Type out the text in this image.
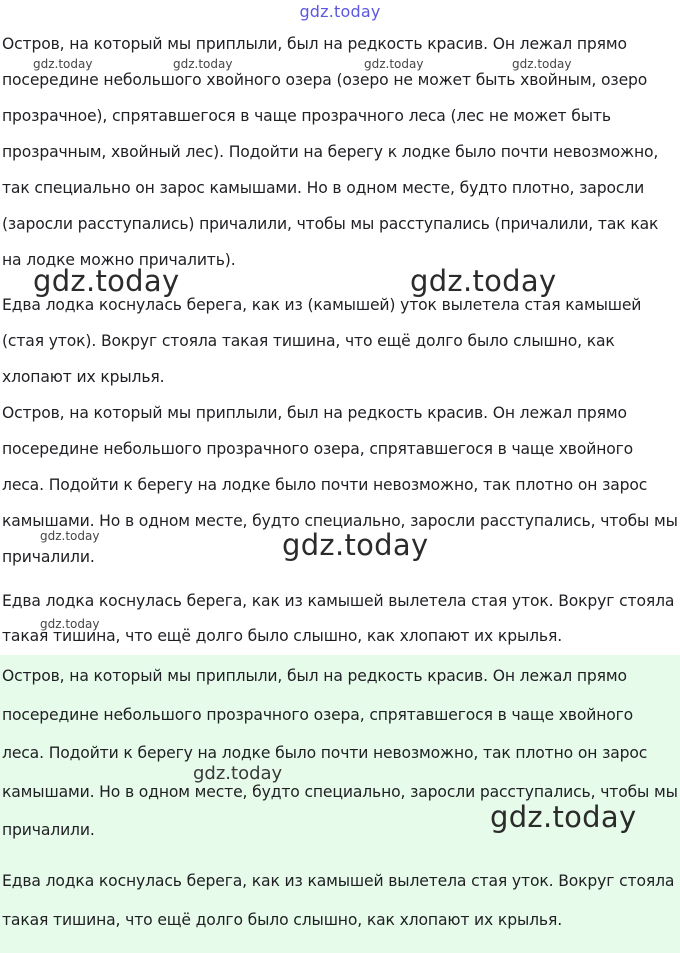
gdz.today

Остров, на который мы приплыли, был на редкость красив. Он лежал прямо посередине небольшого хвойного озера (озеро не может быть хвойным, озеро прозрачное), спрятавшегося в чаще прозрачного леса (лес не может быть прозрачным, хвойный лес). Подойти на берегу к лодке было почти невозможно, так специально он зарос камышами. Но в одном месте, будто плотно, заросли (заросли расступались) причалили, чтобы мы расступались (причалили, так как на лодке можно причалить).

Едва лодка коснулась берега, как из (камышей) уток вылетела стая камышей (стая уток). Вокруг стояла такая тишина, что ещё долго было слышно, как хлопают их крылья.

Остров, на который мы приплыли, был на редкость красив. Он лежал прямо посередине небольшого прозрачного озера, спрятавшегося в чаще хвойного леса. Подойти к берегу на лодке было почти невозможно, так плотно он зарос камышами. Но в одном месте, будто специально, заросли расступались, чтобы мы причалили.

Едва лодка коснулась берега, как из камышей вылетела стая уток. Вокруг стояла такая тишина, что ещё долго было слышно, как хлопают их крылья.

Остров, на который мы приплыли, был на редкость красив. Он лежал прямо посередине небольшого прозрачного озера, спрятавшегося в чаще хвойного леса. Подойти к берегу на лодке было почти невозможно, так плотно он зарос камышами. Но в одном месте, будто специально, заросли расступались, чтобы мы причалили.

Едва лодка коснулась берега, как из камышей вылетела стая уток. Вокруг стояла такая тишина, что ещё долго было слышно, как хлопают их крылья.

gdz.today	gdz.today	gdz.today	gdz.today
gdz.today	gdz.today
gdz.today	gdz.today
gdz.today
gdz.today
gdz.today
